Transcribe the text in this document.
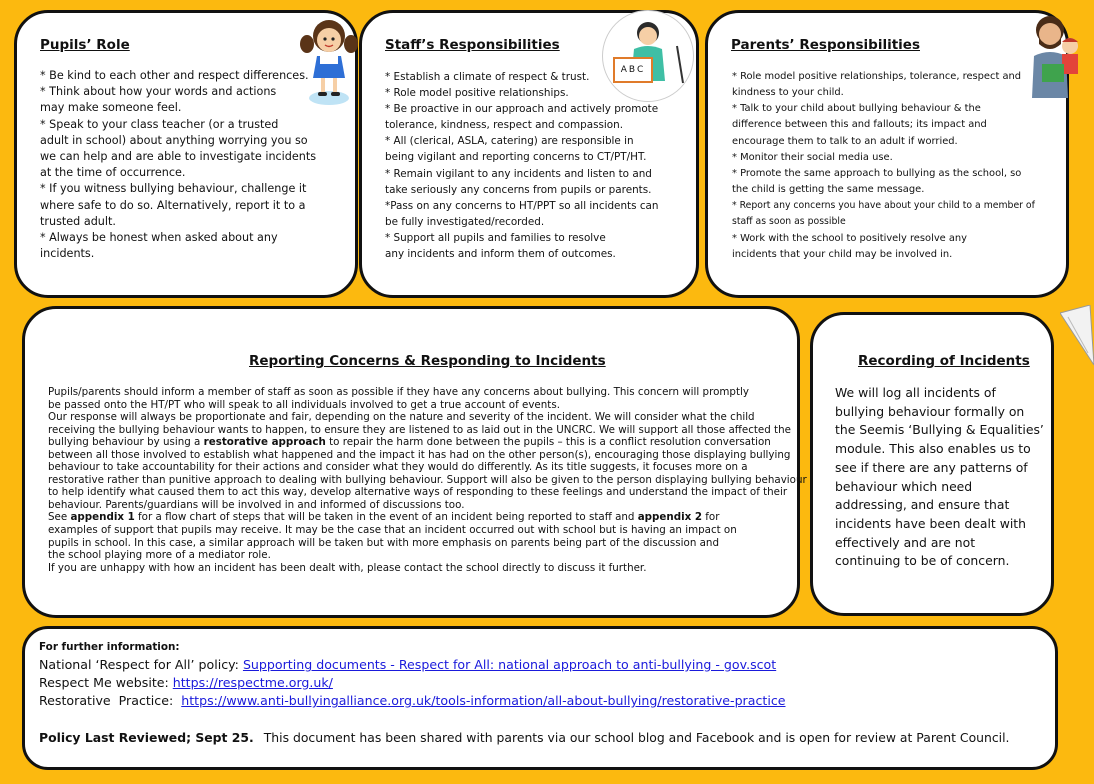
Pupils’ Role
* Be kind to each other and respect differences.
* Think about how your words and actions
may make someone feel.
* Speak to your class teacher (or a trusted
adult in school) about anything worrying you so
we can help and are able to investigate incidents
at the time of occurrence.
* If you witness bullying behaviour, challenge it
where safe to do so. Alternatively, report it to a
trusted adult.
* Always be honest when asked about any
incidents.
Staff’s Responsibilities
* Establish a climate of respect & trust.
* Role model positive relationships.
* Be proactive in our approach and actively promote
tolerance, kindness, respect and compassion.
* All (clerical, ASLA, catering) are responsible in
being vigilant and reporting concerns to CT/PT/HT.
* Remain vigilant to any incidents and listen to and
take seriously any concerns from pupils or parents.
*Pass on any concerns to HT/PPT so all incidents can
be fully investigated/recorded.
* Support all pupils and families to resolve
any incidents and inform them of outcomes.
ABC
Parents’ Responsibilities
* Role model positive relationships, tolerance, respect and
kindness to your child.
* Talk to your child about bullying behaviour & the
difference between this and fallouts; its impact and
encourage them to talk to an adult if worried.
* Monitor their social media use.
* Promote the same approach to bullying as the school, so
the child is getting the same message.
* Report any concerns you have about your child to a member of
staff as soon as possible
* Work with the school to positively resolve any
incidents that your child may be involved in.
Reporting Concerns & Responding to Incidents
Pupils/parents should inform a member of staff as soon as possible if they have any concerns about bullying. This concern will promptly
be passed onto the HT/PT who will speak to all individuals involved to get a true account of events.
Our response will always be proportionate and fair, depending on the nature and severity of the incident. We will consider what the child
receiving the bullying behaviour wants to happen, to ensure they are listened to as laid out in the UNCRC. We will support all those affected the
bullying behaviour by using a restorative approach to repair the harm done between the pupils – this is a conflict resolution conversation
between all those involved to establish what happened and the impact it has had on the other person(s), encouraging those displaying bullying
behaviour to take accountability for their actions and consider what they would do differently. As its title suggests, it focuses more on a
restorative rather than punitive approach to dealing with bullying behaviour. Support will also be given to the person displaying bullying behaviour
to help identify what caused them to act this way, develop alternative ways of responding to these feelings and understand the impact of their
behaviour. Parents/guardians will be involved in and informed of discussions too.
See appendix 1 for a flow chart of steps that will be taken in the event of an incident being reported to staff and appendix 2 for
examples of support that pupils may receive. It may be the case that an incident occurred out with school but is having an impact on
pupils in school. In this case, a similar approach will be taken but with more emphasis on parents being part of the discussion and
the school playing more of a mediator role.
If you are unhappy with how an incident has been dealt with, please contact the school directly to discuss it further.
Recording of Incidents
We will log all incidents of
bullying behaviour formally on
the Seemis ‘Bullying & Equalities’
module. This also enables us to
see if there are any patterns of
behaviour which need
addressing, and ensure that
incidents have been dealt with
effectively and are not
continuing to be of concern.
For further information:
National ‘Respect for All’ policy: Supporting documents - Respect for All: national approach to anti-bullying - gov.scot
Respect Me website: https://respectme.org.uk/
Restorative  Practice:  https://www.anti-bullyingalliance.org.uk/tools-information/all-about-bullying/restorative-practice
Policy Last Reviewed; Sept 25. This document has been shared with parents via our school blog and Facebook and is open for review at Parent Council.
